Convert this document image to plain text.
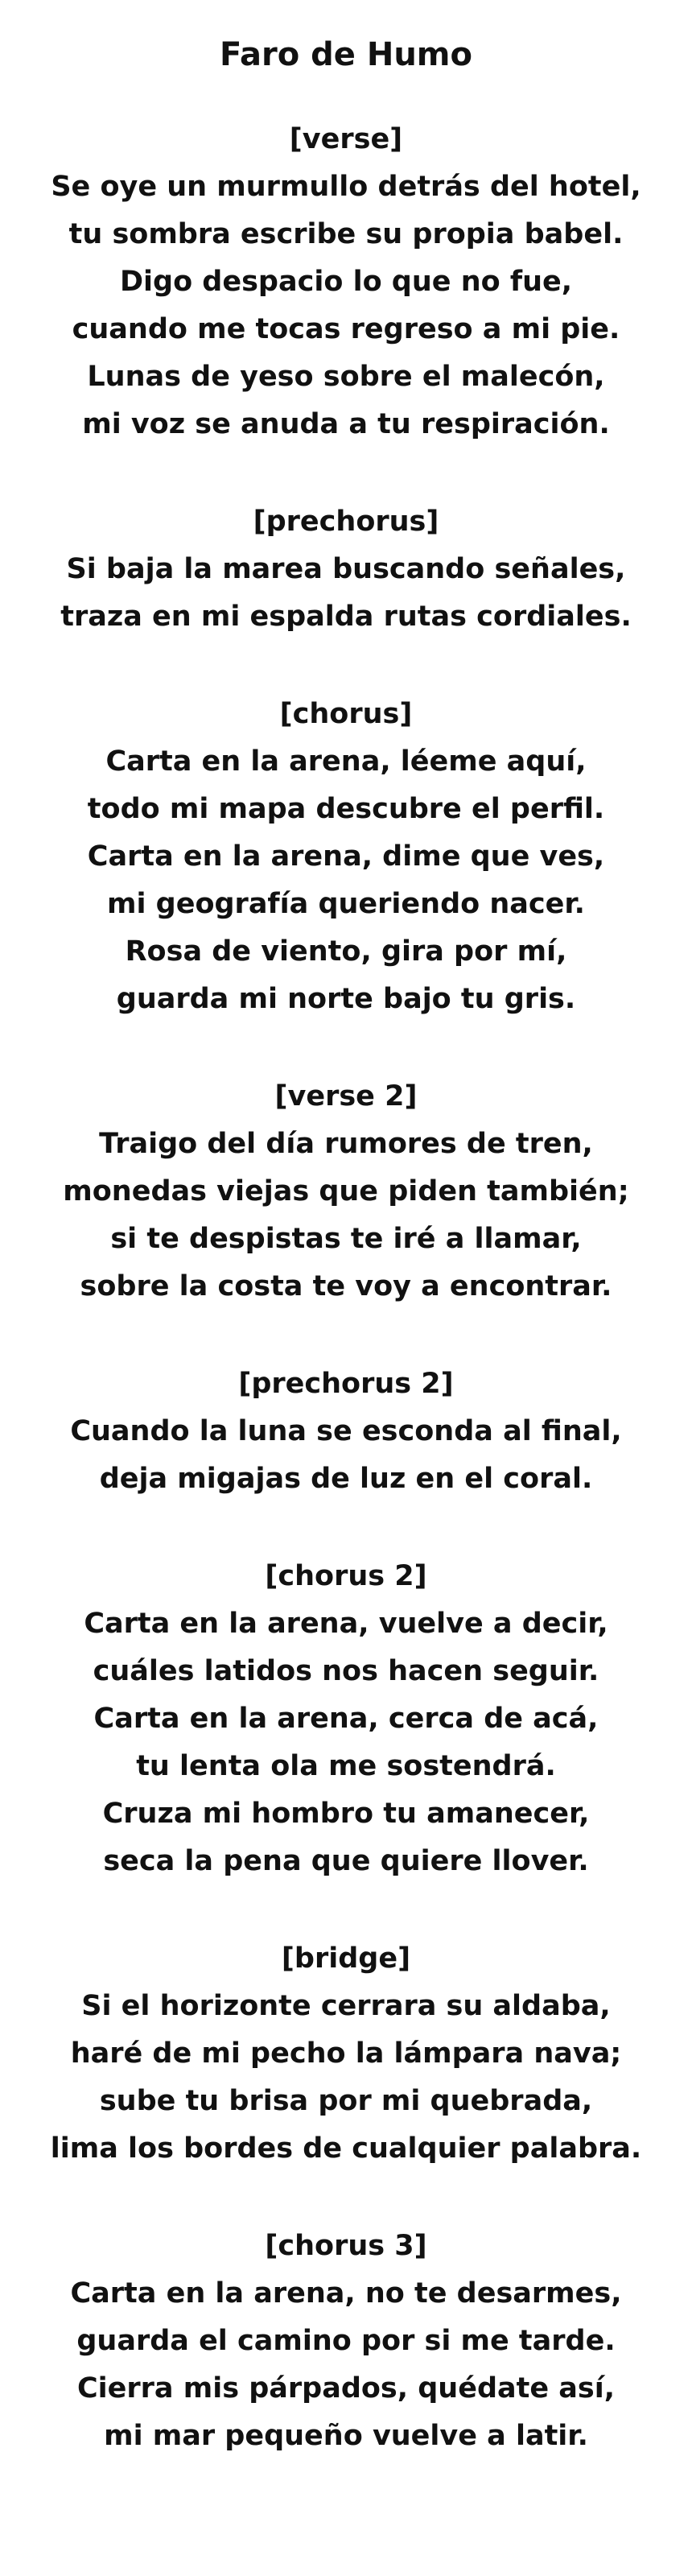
Faro de Humo

[verse]

Se oye un murmullo detrás del hotel,

tu sombra escribe su propia babel.

Digo despacio lo que no fue,

cuando me tocas regreso a mi pie.

Lunas de yeso sobre el malecón,

mi voz se anuda a tu respiración.

[prechorus]

Si baja la marea buscando señales,

traza en mi espalda rutas cordiales.

[chorus]

Carta en la arena, léeme aquí,

todo mi mapa descubre el perfil.

Carta en la arena, dime que ves,

mi geografía queriendo nacer.

Rosa de viento, gira por mí,

guarda mi norte bajo tu gris.

[verse 2]

Traigo del día rumores de tren,

monedas viejas que piden también;

si te despistas te iré a llamar,

sobre la costa te voy a encontrar.

[prechorus 2]

Cuando la luna se esconda al final,

deja migajas de luz en el coral.

[chorus 2]

Carta en la arena, vuelve a decir,

cuáles latidos nos hacen seguir.

Carta en la arena, cerca de acá,

tu lenta ola me sostendrá.

Cruza mi hombro tu amanecer,

seca la pena que quiere llover.

[bridge]

Si el horizonte cerrara su aldaba,

haré de mi pecho la lámpara nava;

sube tu brisa por mi quebrada,

lima los bordes de cualquier palabra.

[chorus 3]

Carta en la arena, no te desarmes,

guarda el camino por si me tarde.

Cierra mis párpados, quédate así,

mi mar pequeño vuelve a latir.
